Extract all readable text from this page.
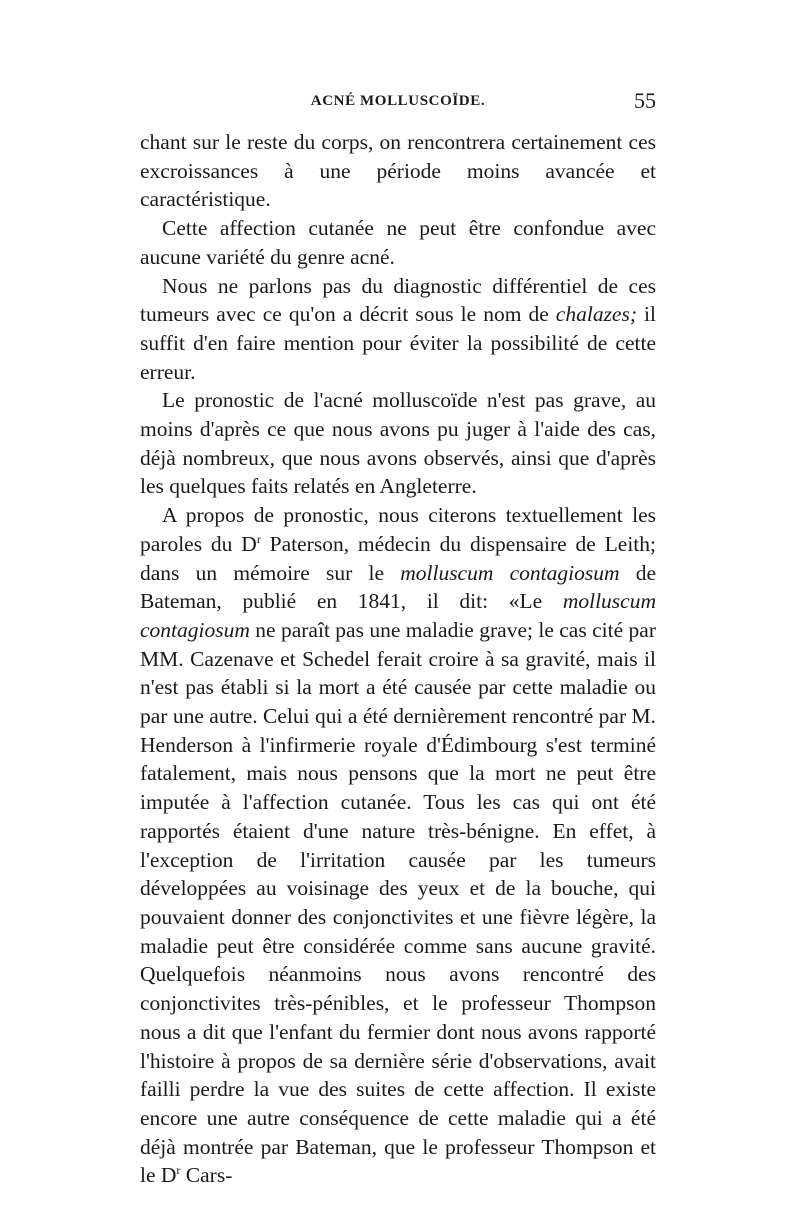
ACNÉ MOLLUSCOÏDE.	55

chant sur le reste du corps, on rencontrera certainement ces excroissances à une période moins avancée et caractéristique.

Cette affection cutanée ne peut être confondue avec aucune variété du genre acné.

Nous ne parlons pas du diagnostic différentiel de ces tumeurs avec ce qu'on a décrit sous le nom de chalazes; il suffit d'en faire mention pour éviter la possibilité de cette erreur.

Le pronostic de l'acné molluscoïde n'est pas grave, au moins d'après ce que nous avons pu juger à l'aide des cas, déjà nombreux, que nous avons observés, ainsi que d'après les quelques faits relatés en Angleterre.

A propos de pronostic, nous citerons textuellement les paroles du $D^r$ Paterson, médecin du dispensaire de Leith; dans un mémoire sur le molluscum contagiosum de Bateman, publié en 1841, il dit: «Le molluscum contagiosum ne paraît pas une maladie grave; le cas cité par MM. Cazenave et Schedel ferait croire à sa gravité, mais il n'est pas établi si la mort a été causée par cette maladie ou par une autre. Celui qui a été dernièrement rencontré par M. Henderson à l'infirmerie royale d'Édimbourg s'est terminé fatalement, mais nous pensons que la mort ne peut être imputée à l'affection cutanée. Tous les cas qui ont été rapportés étaient d'une nature très-bénigne. En effet, à l'exception de l'irritation causée par les tumeurs développées au voisinage des yeux et de la bouche, qui pouvaient donner des conjonctivites et une fièvre légère, la maladie peut être considérée comme sans aucune gravité. Quelquefois néanmoins nous avons rencontré des conjonctivites très-pénibles, et le professeur Thompson nous a dit que l'enfant du fermier dont nous avons rapporté l'histoire à propos de sa dernière série d'observations, avait failli perdre la vue des suites de cette affection. Il existe encore une autre conséquence de cette maladie qui a été déjà montrée par Bateman, que le professeur Thompson et le $D^r$ Cars-
